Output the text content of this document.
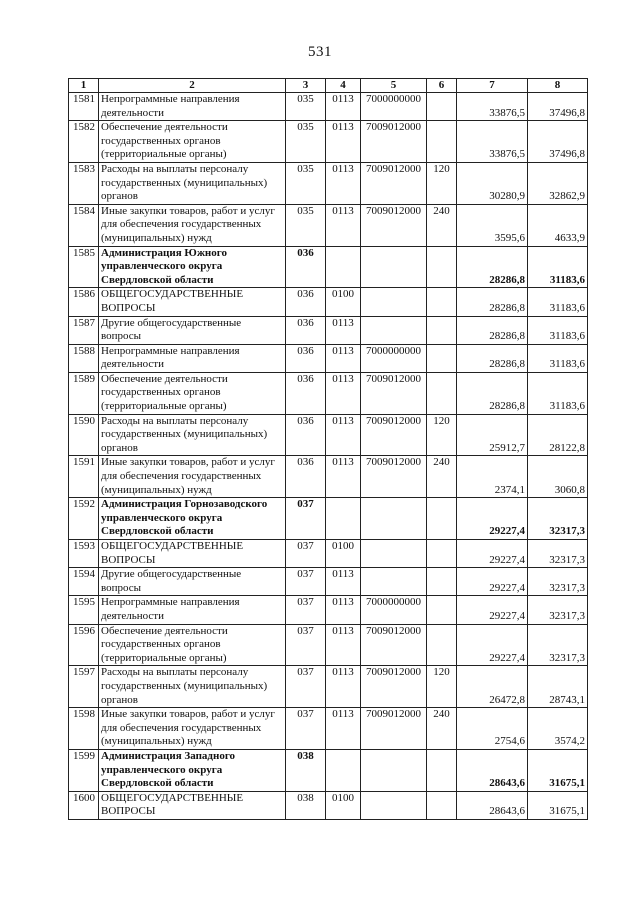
531
1	2	3	4	5	6	7	8
1581	Непрограммные направления деятельности	035	0113	7000000000		33876,5	37496,8
1582	Обеспечение деятельности государственных органов (территориальные органы)	035	0113	7009012000		33876,5	37496,8
1583	Расходы на выплаты персоналу государственных (муниципальных) органов	035	0113	7009012000	120	30280,9	32862,9
1584	Иные закупки товаров, работ и услуг для обеспечения государственных (муниципальных) нужд	035	0113	7009012000	240	3595,6	4633,9
1585	Администрация Южного управленческого округа Свердловской области	036				28286,8	31183,6
1586	ОБЩЕГОСУДАРСТВЕННЫЕ ВОПРОСЫ	036	0100			28286,8	31183,6
1587	Другие общегосударственные вопросы	036	0113			28286,8	31183,6
1588	Непрограммные направления деятельности	036	0113	7000000000		28286,8	31183,6
1589	Обеспечение деятельности государственных органов (территориальные органы)	036	0113	7009012000		28286,8	31183,6
1590	Расходы на выплаты персоналу государственных (муниципальных) органов	036	0113	7009012000	120	25912,7	28122,8
1591	Иные закупки товаров, работ и услуг для обеспечения государственных (муниципальных) нужд	036	0113	7009012000	240	2374,1	3060,8
1592	Администрация Горнозаводского управленческого округа Свердловской области	037				29227,4	32317,3
1593	ОБЩЕГОСУДАРСТВЕННЫЕ ВОПРОСЫ	037	0100			29227,4	32317,3
1594	Другие общегосударственные вопросы	037	0113			29227,4	32317,3
1595	Непрограммные направления деятельности	037	0113	7000000000		29227,4	32317,3
1596	Обеспечение деятельности государственных органов (территориальные органы)	037	0113	7009012000		29227,4	32317,3
1597	Расходы на выплаты персоналу государственных (муниципальных) органов	037	0113	7009012000	120	26472,8	28743,1
1598	Иные закупки товаров, работ и услуг для обеспечения государственных (муниципальных) нужд	037	0113	7009012000	240	2754,6	3574,2
1599	Администрация Западного управленческого округа Свердловской области	038				28643,6	31675,1
1600	ОБЩЕГОСУДАРСТВЕННЫЕ ВОПРОСЫ	038	0100			28643,6	31675,1
